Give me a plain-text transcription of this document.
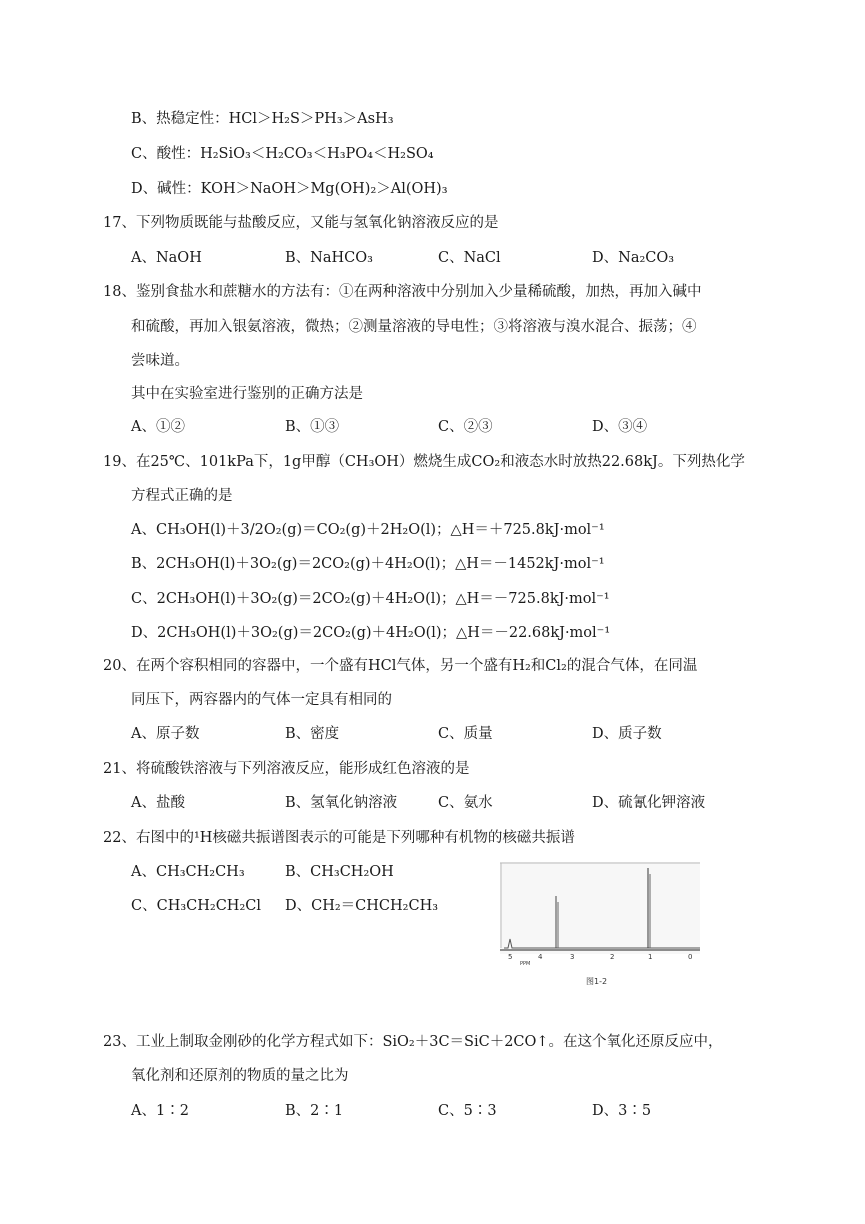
B、热稳定性：HCl＞H₂S＞PH₃＞AsH₃
C、酸性：H₂SiO₃＜H₂CO₃＜H₃PO₄＜H₂SO₄
D、碱性：KOH＞NaOH＞Mg(OH)₂＞Al(OH)₃
17、下列物质既能与盐酸反应，又能与氢氧化钠溶液反应的是
A、NaOH	B、NaHCO₃	C、NaCl	D、Na₂CO₃
18、鉴别食盐水和蔗糖水的方法有：①在两种溶液中分别加入少量稀硫酸，加热，再加入碱中
和硫酸，再加入银氨溶液，微热；②测量溶液的导电性；③将溶液与溴水混合、振荡；④
尝味道。
其中在实验室进行鉴别的正确方法是
A、①②	B、①③	C、②③	D、③④
19、在25℃、101kPa下，1g甲醇（CH₃OH）燃烧生成CO₂和液态水时放热22.68kJ。下列热化学
方程式正确的是
A、CH₃OH(l)＋3/2O₂(g)＝CO₂(g)＋2H₂O(l)；△H＝＋725.8kJ·mol⁻¹
B、2CH₃OH(l)＋3O₂(g)＝2CO₂(g)＋4H₂O(l)；△H＝－1452kJ·mol⁻¹
C、2CH₃OH(l)＋3O₂(g)＝2CO₂(g)＋4H₂O(l)；△H＝－725.8kJ·mol⁻¹
D、2CH₃OH(l)＋3O₂(g)＝2CO₂(g)＋4H₂O(l)；△H＝－22.68kJ·mol⁻¹
20、在两个容积相同的容器中，一个盛有HCl气体，另一个盛有H₂和Cl₂的混合气体，在同温
同压下，两容器内的气体一定具有相同的
A、原子数	B、密度	C、质量	D、质子数
21、将硫酸铁溶液与下列溶液反应，能形成红色溶液的是
A、盐酸	B、氢氧化钠溶液	C、氨水	D、硫氰化钾溶液
22、右图中的¹H核磁共振谱图表示的可能是下列哪种有机物的核磁共振谱
A、CH₃CH₂CH₃	B、CH₃CH₂OH
C、CH₃CH₂CH₂Cl D、CH₂＝CHCH₂CH₃
5	4	3	2	1	0
PPM
图1-2
23、工业上制取金刚砂的化学方程式如下：SiO₂＋3C＝SiC＋2CO↑。在这个氧化还原反应中，
氧化剂和还原剂的物质的量之比为
A、1∶2	B、2∶1	C、5∶3	D、3∶5
